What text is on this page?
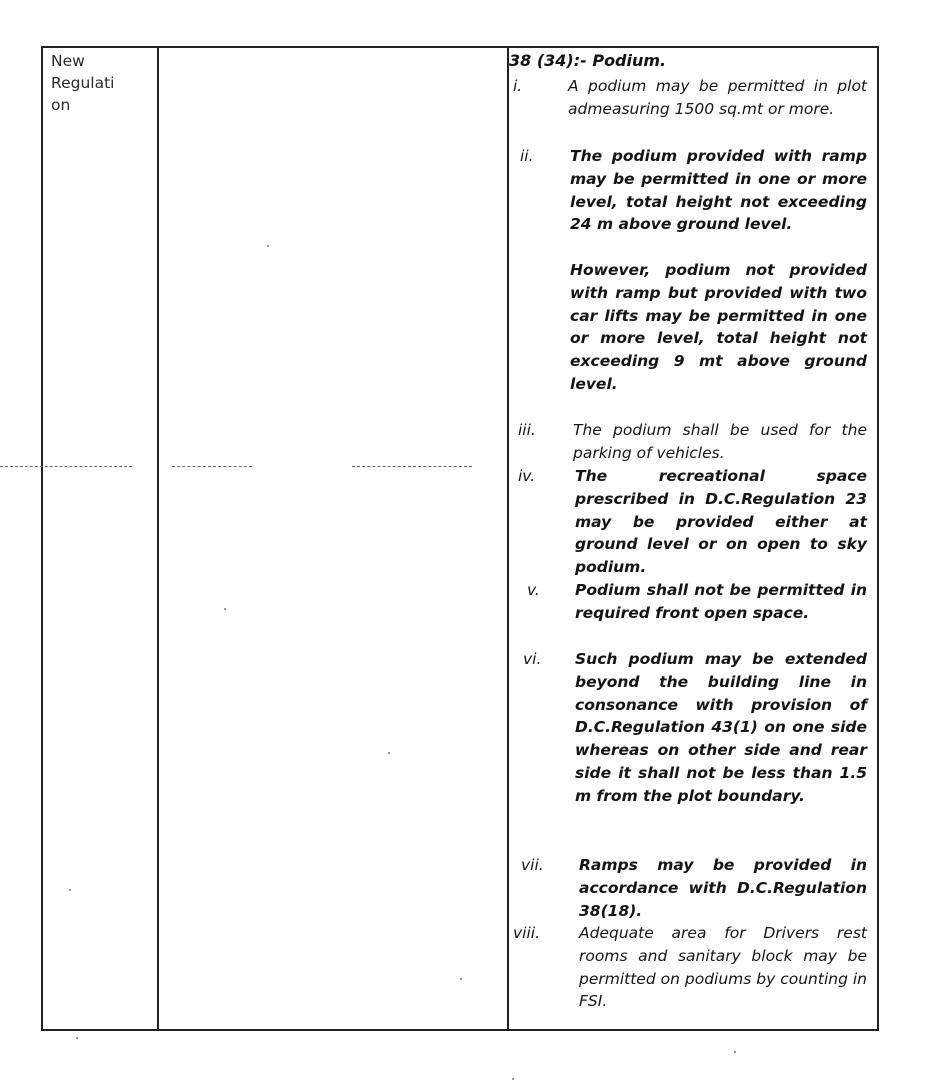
New
Regulati
on
38 (34):- Podium.
i.	A podium may be permitted in plot admeasuring 1500 sq.mt or more.
ii. The podium provided with ramp may be permitted in one or more level, total height not exceeding 24 m above ground level.
However, podium not provided with ramp but provided with two car lifts may be permitted in one or more level, total height not exceeding 9 mt above ground level.
iii. The podium shall be used for the parking of vehicles.
iv.	The recreational space prescribed in D.C.Regulation 23 may be provided either at ground level or on open to sky podium.
v. Podium shall not be permitted in required front open space.
vi. Such podium may be extended beyond the building line in consonance with provision of D.C.Regulation 43(1) on one side whereas on other side and rear side it shall not be less than 1.5 m from the plot boundary.
vii. Ramps may be provided in accordance with D.C.Regulation 38(18).
viii.	Adequate area for Drivers rest rooms and sanitary block may be permitted on podiums by counting in FSI.
